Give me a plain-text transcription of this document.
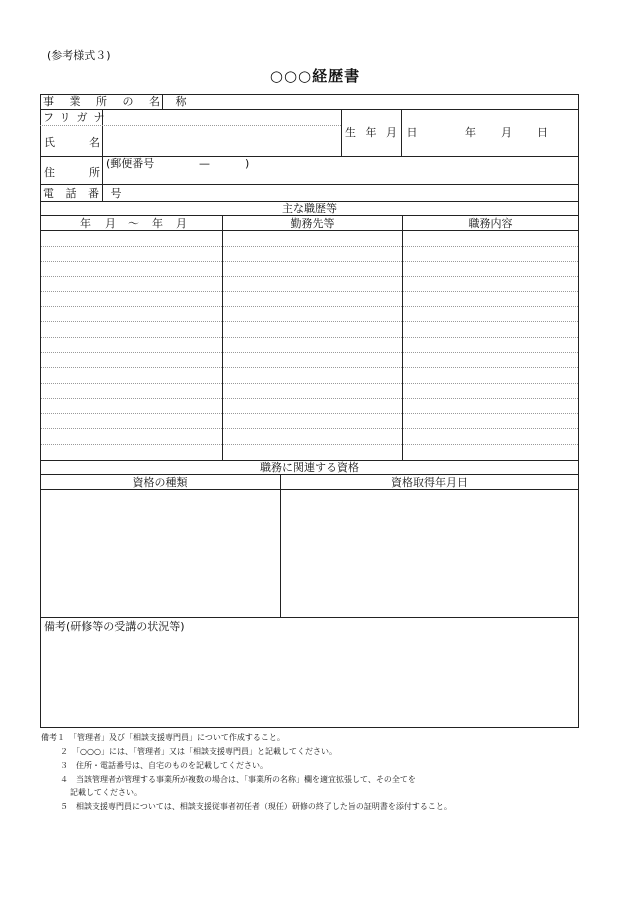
(参考様式３)
○○○経歴書
事 業 所 の 名 称
フリガナ
氏	名
生 年 月 日	年 月 日
住	所
(郵便番号	—	)
電 話 番 号
主な職歴等
年 月 〜 年 月	勤務先等	職務内容
職務に関連する資格
資格の種類	資格取得年月日
備考(研修等の受講の状況等)
備考１　「管理者」及び「相談支援専門員」について作成すること。
２　「○○○」には、「管理者」又は「相談支援専門員」と記載してください。
３　住所・電話番号は、自宅のものを記載してください。
４　当該管理者が管理する事業所が複数の場合は、「事業所の名称」欄を適宜拡張して、その全てを
記載してください。
５　相談支援専門員については、相談支援従事者初任者（現任）研修の終了した旨の証明書を添付すること。
